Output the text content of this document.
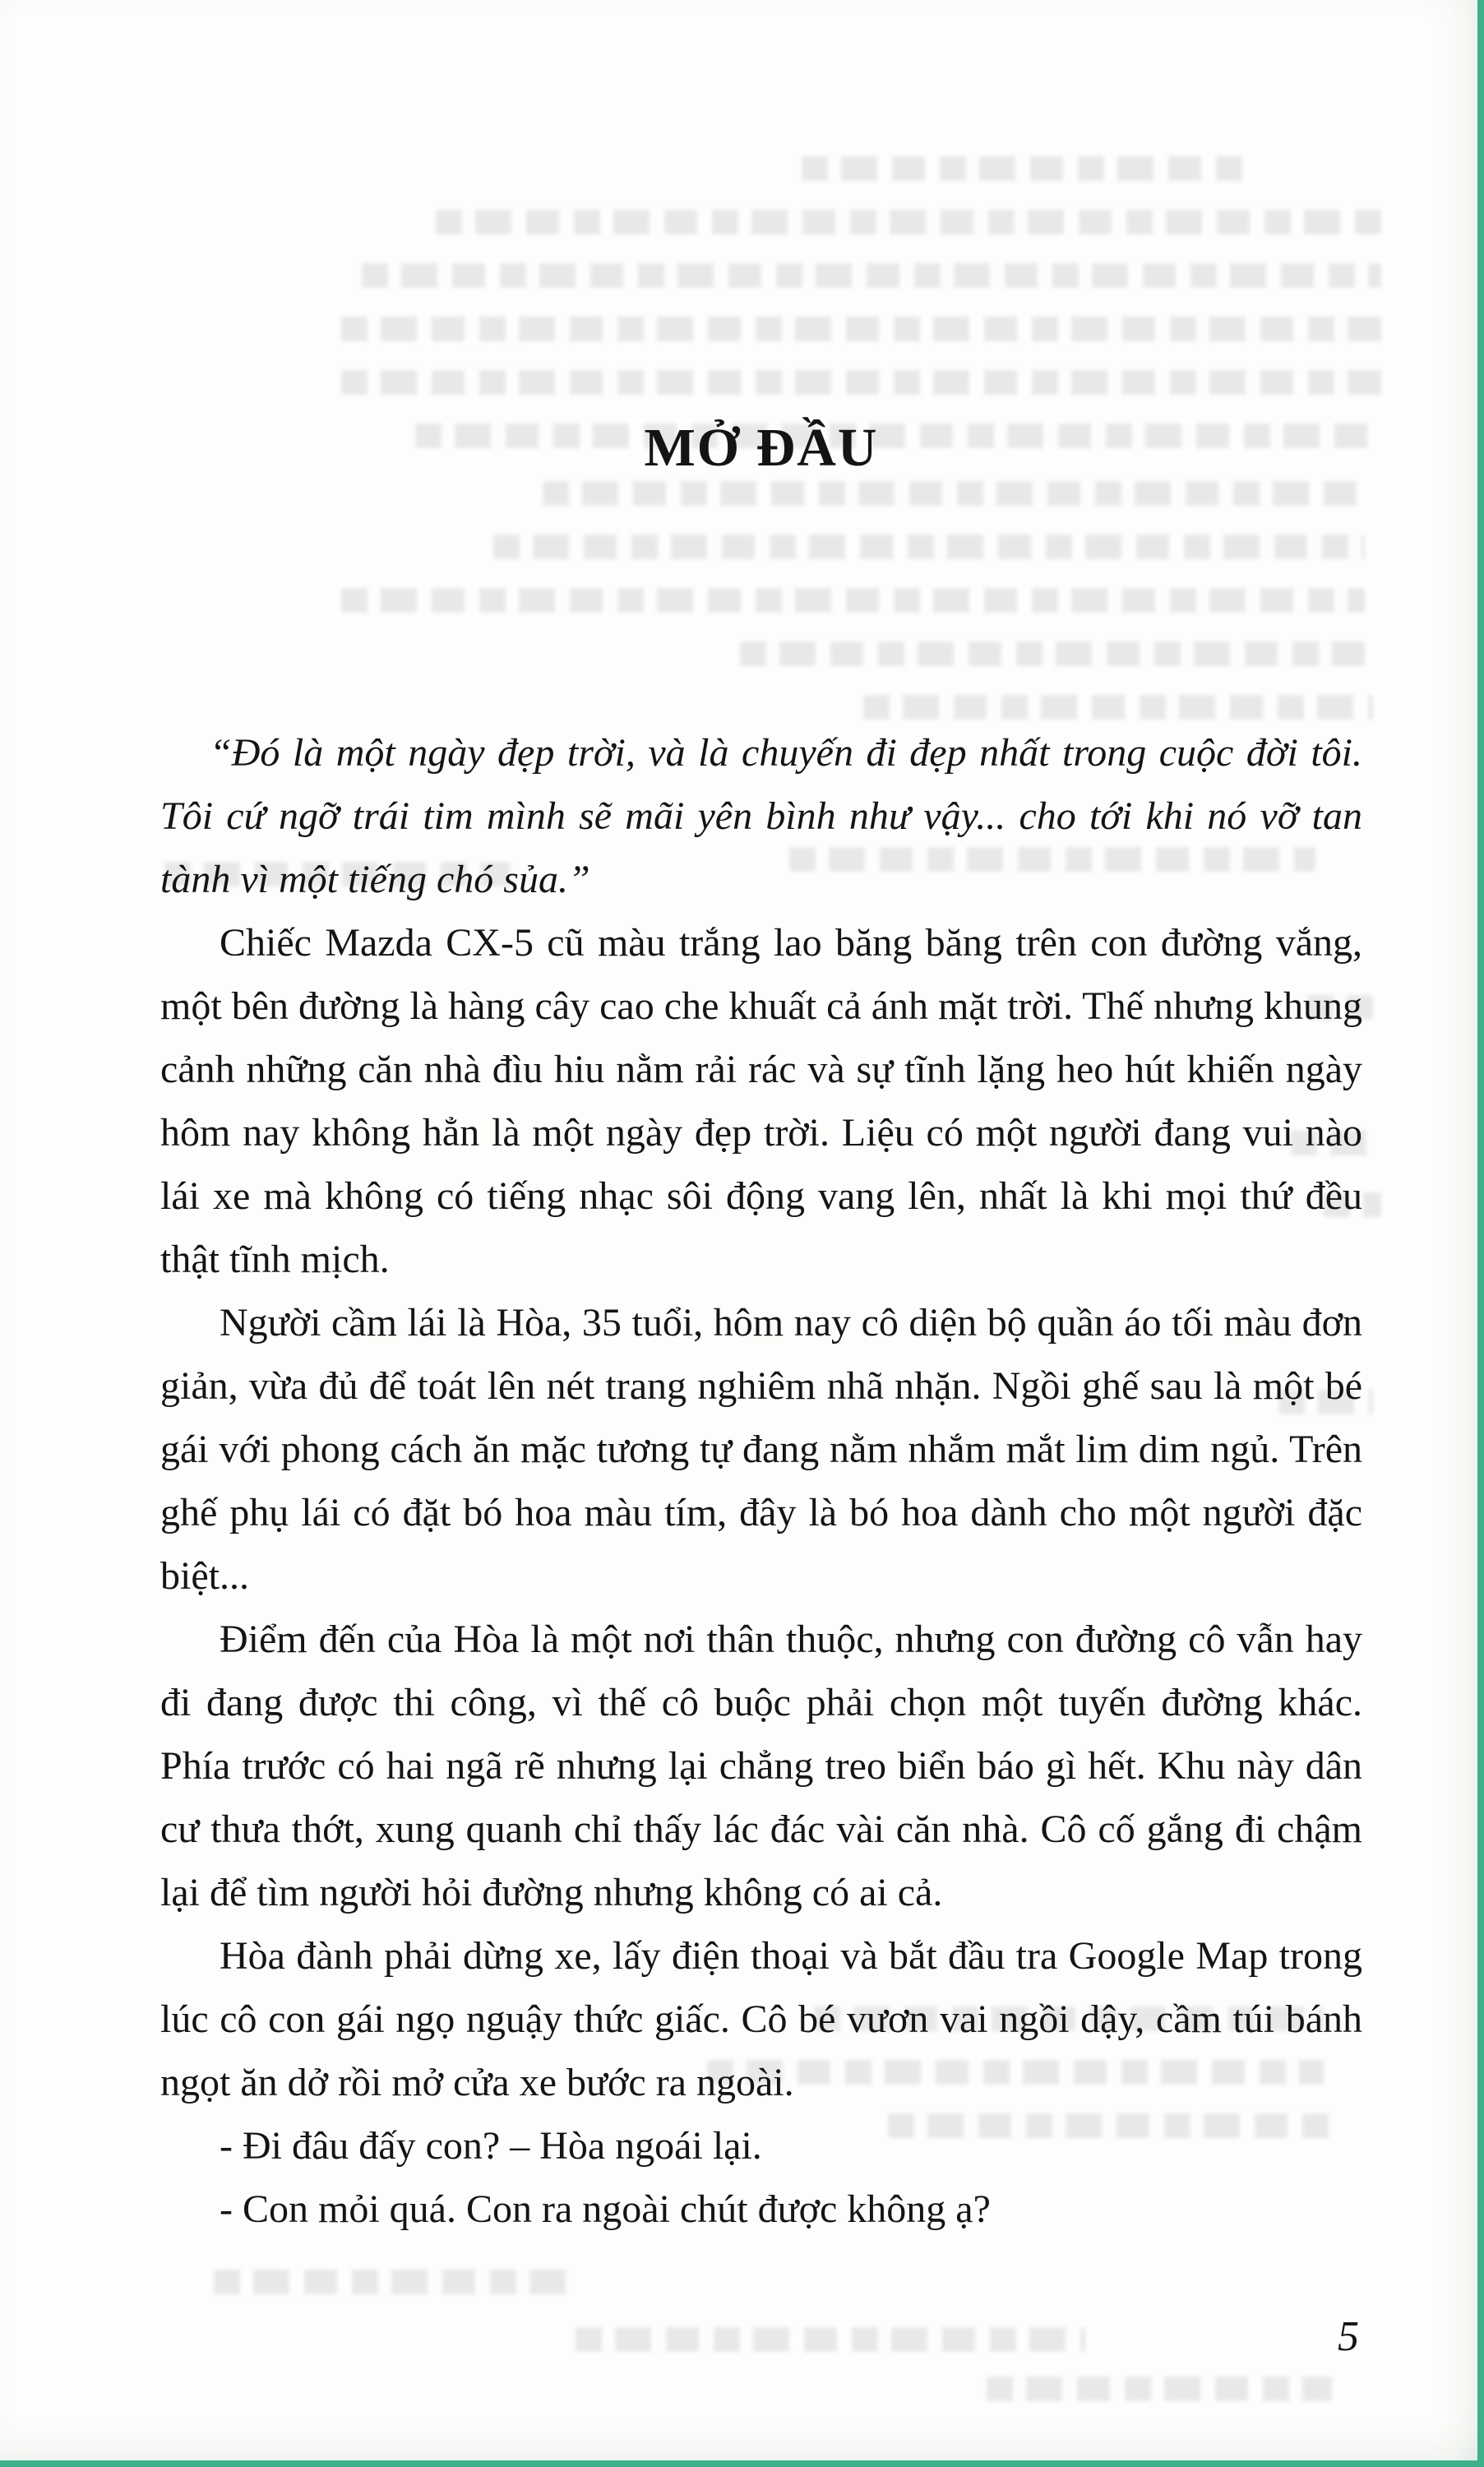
MỞ ĐẦU

“Đó là một ngày đẹp trời, và là chuyến đi đẹp nhất trong cuộc đời tôi. Tôi cứ ngỡ trái tim mình sẽ mãi yên bình như vậy... cho tới khi nó vỡ tan tành vì một tiếng chó sủa.”

Chiếc Mazda CX-5 cũ màu trắng lao băng băng trên con đường vắng, một bên đường là hàng cây cao che khuất cả ánh mặt trời. Thế nhưng khung cảnh những căn nhà đìu hiu nằm rải rác và sự tĩnh lặng heo hút khiến ngày hôm nay không hẳn là một ngày đẹp trời. Liệu có một người đang vui nào lái xe mà không có tiếng nhạc sôi động vang lên, nhất là khi mọi thứ đều thật tĩnh mịch.

Người cầm lái là Hòa, 35 tuổi, hôm nay cô diện bộ quần áo tối màu đơn giản, vừa đủ để toát lên nét trang nghiêm nhã nhặn. Ngồi ghế sau là một bé gái với phong cách ăn mặc tương tự đang nằm nhắm mắt lim dim ngủ. Trên ghế phụ lái có đặt bó hoa màu tím, đây là bó hoa dành cho một người đặc biệt...

Điểm đến của Hòa là một nơi thân thuộc, nhưng con đường cô vẫn hay đi đang được thi công, vì thế cô buộc phải chọn một tuyến đường khác. Phía trước có hai ngã rẽ nhưng lại chẳng treo biển báo gì hết. Khu này dân cư thưa thớt, xung quanh chỉ thấy lác đác vài căn nhà. Cô cố gắng đi chậm lại để tìm người hỏi đường nhưng không có ai cả.

Hòa đành phải dừng xe, lấy điện thoại và bắt đầu tra Google Map trong lúc cô con gái ngọ nguậy thức giấc. Cô bé vươn vai ngồi dậy, cầm túi bánh ngọt ăn dở rồi mở cửa xe bước ra ngoài.

- Đi đâu đấy con? – Hòa ngoái lại.

- Con mỏi quá. Con ra ngoài chút được không ạ?

5
